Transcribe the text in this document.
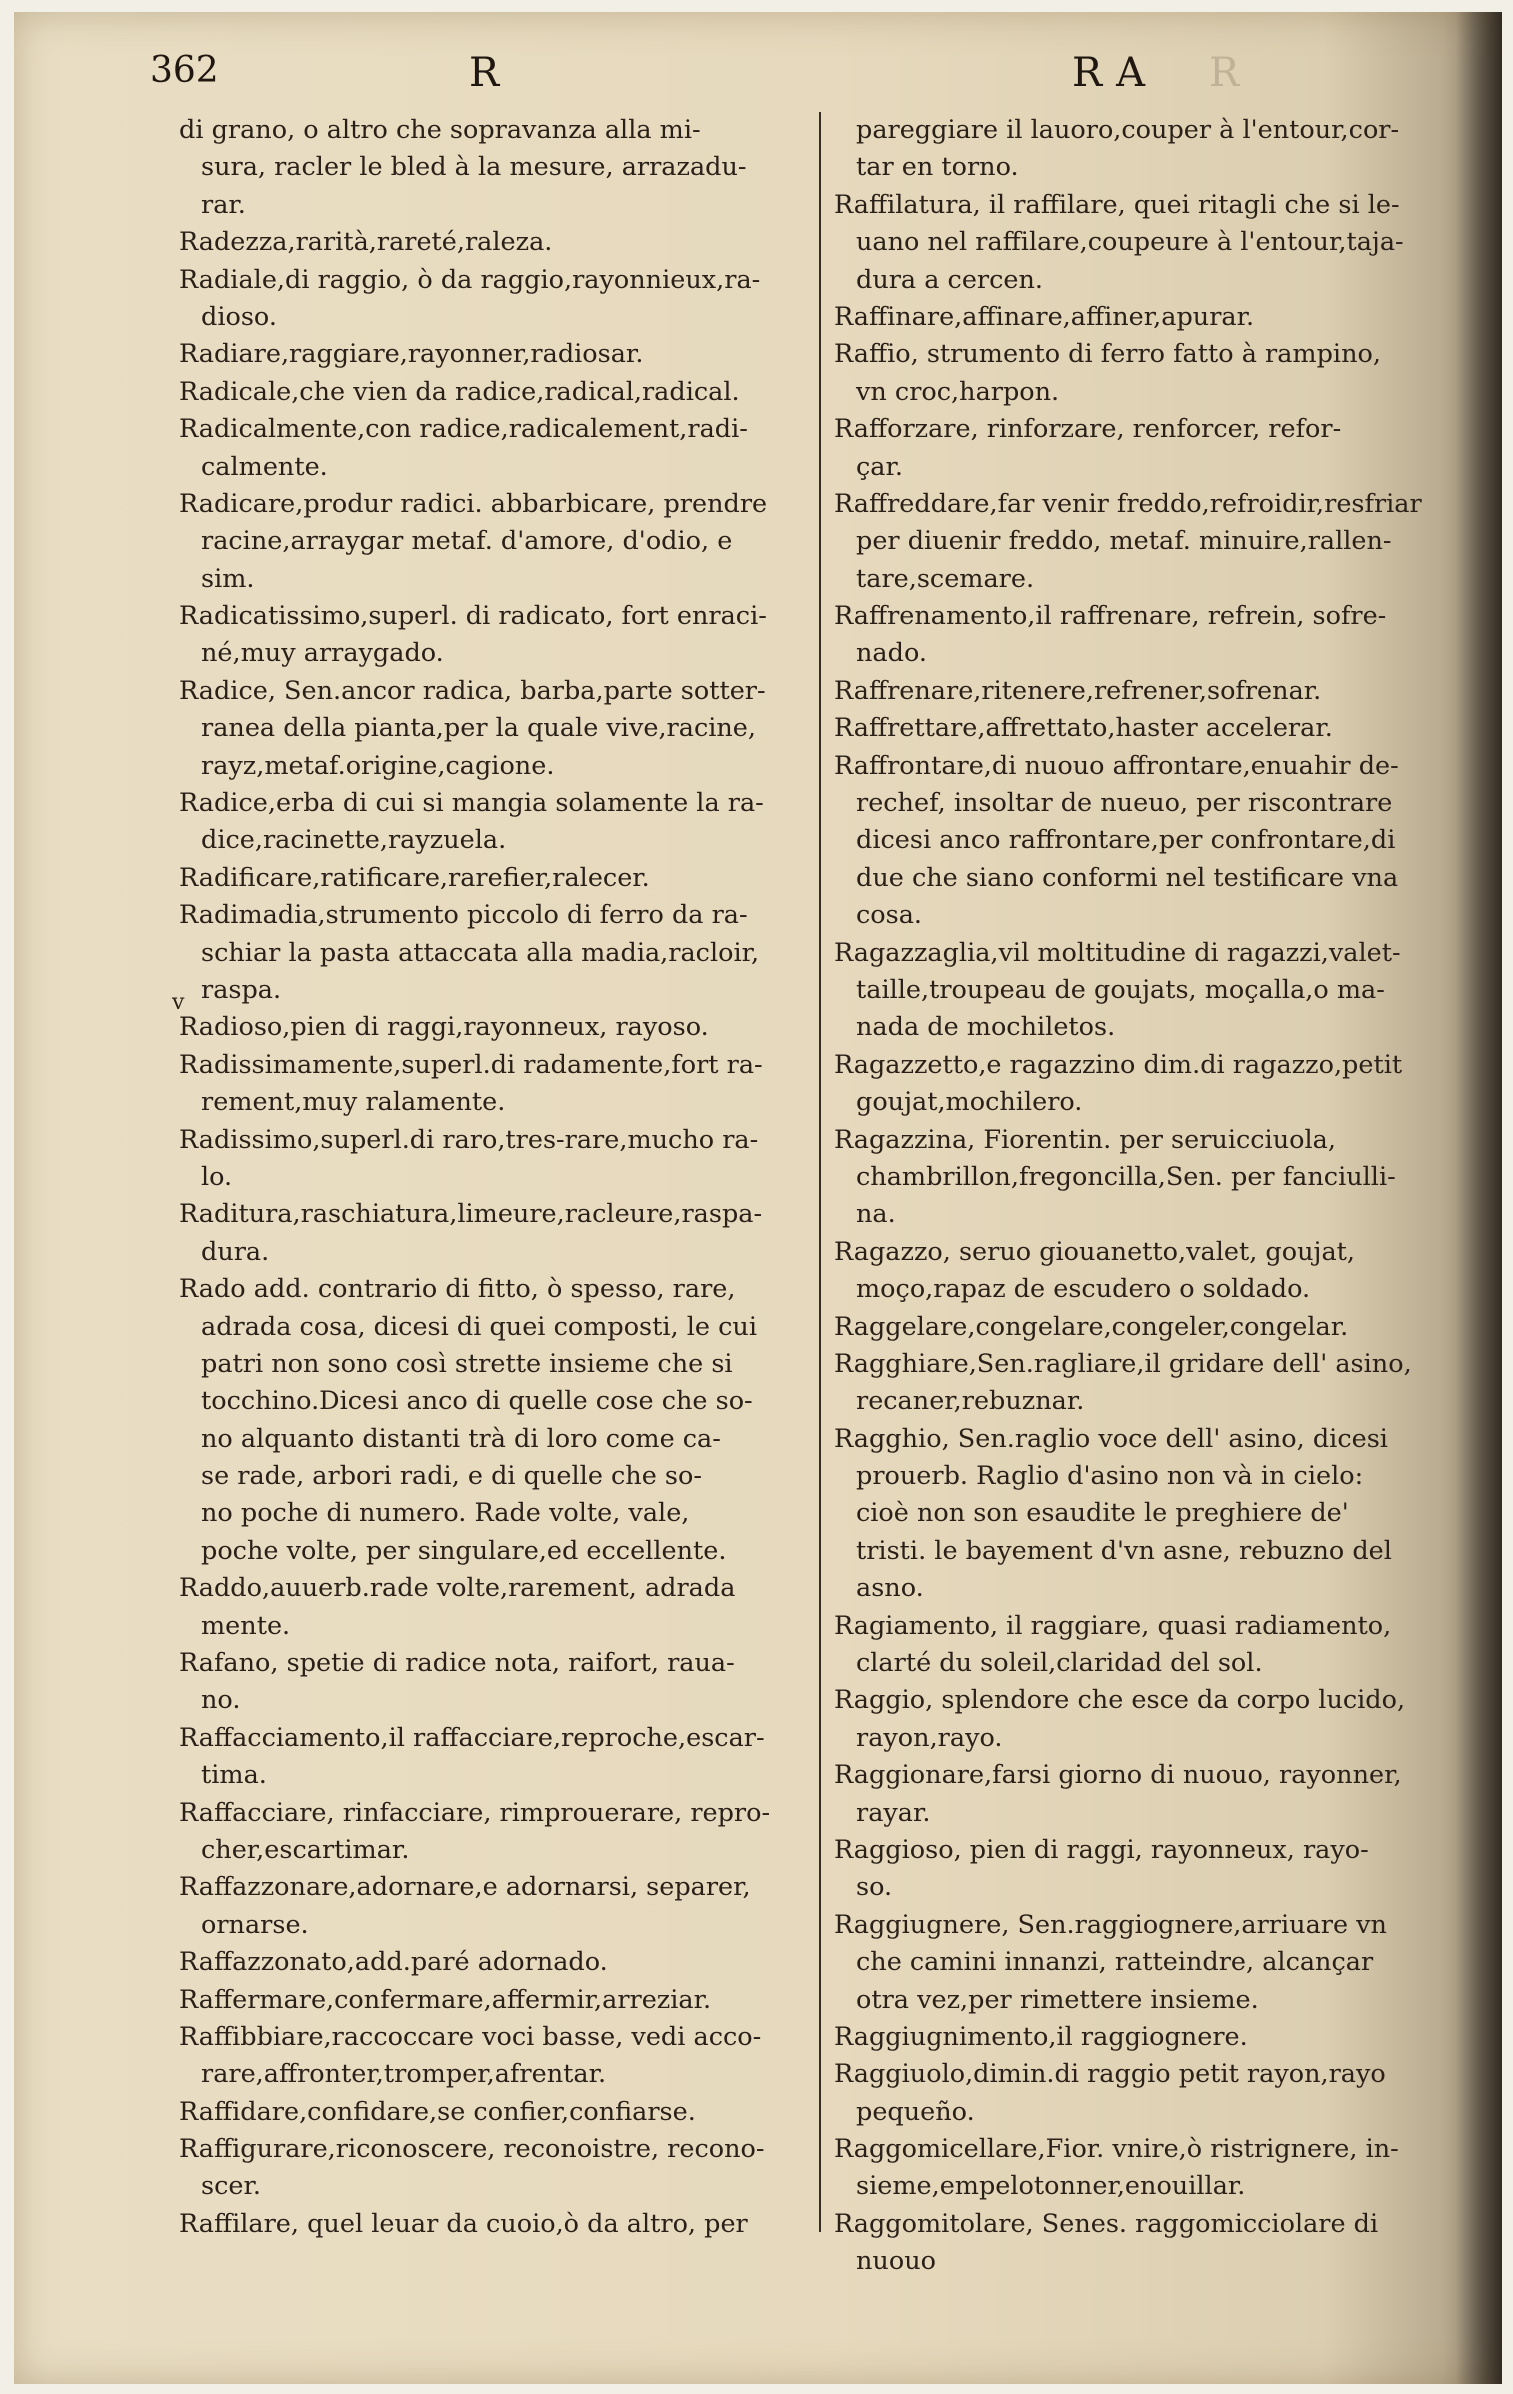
362	R	RA R
v
di grano, o altro che sopravanza alla mi-
sura, racler le bled à la mesure, arrazadu-
rar.
Radezza,rarità,rareté,raleza.
Radiale,di raggio, ò da raggio,rayonnieux,ra-
dioso.
Radiare,raggiare,rayonner,radiosar.
Radicale,che vien da radice,radical,radical.
Radicalmente,con radice,radicalement,radi-
calmente.
Radicare,produr radici. abbarbicare, prendre
racine,arraygar metaf. d'amore, d'odio, e
sim.
Radicatissimo,superl. di radicato, fort enraci-
né,muy arraygado.
Radice, Sen.ancor radica, barba,parte sotter-
ranea della pianta,per la quale vive,racine,
rayz,metaf.origine,cagione.
Radice,erba di cui si mangia solamente la ra-
dice,racinette,rayzuela.
Radificare,ratificare,rarefier,ralecer.
Radimadia,strumento piccolo di ferro da ra-
schiar la pasta attaccata alla madia,racloir,
raspa.
Radioso,pien di raggi,rayonneux, rayoso.
Radissimamente,superl.di radamente,fort ra-
rement,muy ralamente.
Radissimo,superl.di raro,tres-rare,mucho ra-
lo.
Raditura,raschiatura,limeure,racleure,raspa-
dura.
Rado add. contrario di fitto, ò spesso, rare,
adrada cosa, dicesi di quei composti, le cui
patri non sono così strette insieme che si
tocchino.Dicesi anco di quelle cose che so-
no alquanto distanti trà di loro come ca-
se rade, arbori radi, e di quelle che so-
no poche di numero. Rade volte, vale,
poche volte, per singulare,ed eccellente.
Raddo,auuerb.rade volte,rarement, adrada
mente.
Rafano, spetie di radice nota, raifort, raua-
no.
Raffacciamento,il raffacciare,reproche,escar-
tima.
Raffacciare, rinfacciare, rimprouerare, repro-
cher,escartimar.
Raffazzonare,adornare,e adornarsi, separer,
ornarse.
Raffazzonato,add.paré adornado.
Raffermare,confermare,affermir,arreziar.
Raffibbiare,raccoccare voci basse, vedi acco-
rare,affronter,tromper,afrentar.
Raffidare,confidare,se confier,confiarse.
Raffigurare,riconoscere, reconoistre, recono-
scer.
Raffilare, quel leuar da cuoio,ò da altro, per
pareggiare il lauoro,couper à l'entour,cor-
tar en torno.
Raffilatura, il raffilare, quei ritagli che si le-
uano nel raffilare,coupeure à l'entour,taja-
dura a cercen.
Raffinare,affinare,affiner,apurar.
Raffio, strumento di ferro fatto à rampino,
vn croc,harpon.
Rafforzare, rinforzare, renforcer, refor-
çar.
Raffreddare,far venir freddo,refroidir,resfriar
per diuenir freddo, metaf. minuire,rallen-
tare,scemare.
Raffrenamento,il raffrenare, refrein, sofre-
nado.
Raffrenare,ritenere,refrener,sofrenar.
Raffrettare,affrettato,haster accelerar.
Raffrontare,di nuouo affrontare,enuahir de-
rechef, insoltar de nueuo, per riscontrare
dicesi anco raffrontare,per confrontare,di
due che siano conformi nel testificare vna
cosa.
Ragazzaglia,vil moltitudine di ragazzi,valet-
taille,troupeau de goujats, moçalla,o ma-
nada de mochiletos.
Ragazzetto,e ragazzino dim.di ragazzo,petit
goujat,mochilero.
Ragazzina, Fiorentin. per seruicciuola,
chambrillon,fregoncilla,Sen. per fanciulli-
na.
Ragazzo, seruo giouanetto,valet, goujat,
moço,rapaz de escudero o soldado.
Raggelare,congelare,congeler,congelar.
Ragghiare,Sen.ragliare,il gridare dell' asino,
recaner,rebuznar.
Ragghio, Sen.raglio voce dell' asino, dicesi
prouerb. Raglio d'asino non và in cielo:
cioè non son esaudite le preghiere de'
tristi. le bayement d'vn asne, rebuzno del
asno.
Ragiamento, il raggiare, quasi radiamento,
clarté du soleil,claridad del sol.
Raggio, splendore che esce da corpo lucido,
rayon,rayo.
Raggionare,farsi giorno di nuouo, rayonner,
rayar.
Raggioso, pien di raggi, rayonneux, rayo-
so.
Raggiugnere, Sen.raggiognere,arriuare vn
che camini innanzi, ratteindre, alcançar
otra vez,per rimettere insieme.
Raggiugnimento,il raggiognere.
Raggiuolo,dimin.di raggio petit rayon,rayo
pequeño.
Raggomicellare,Fior. vnire,ò ristrignere, in-
sieme,empelotonner,enouillar.
Raggomitolare, Senes. raggomicciolare di
nuouo
